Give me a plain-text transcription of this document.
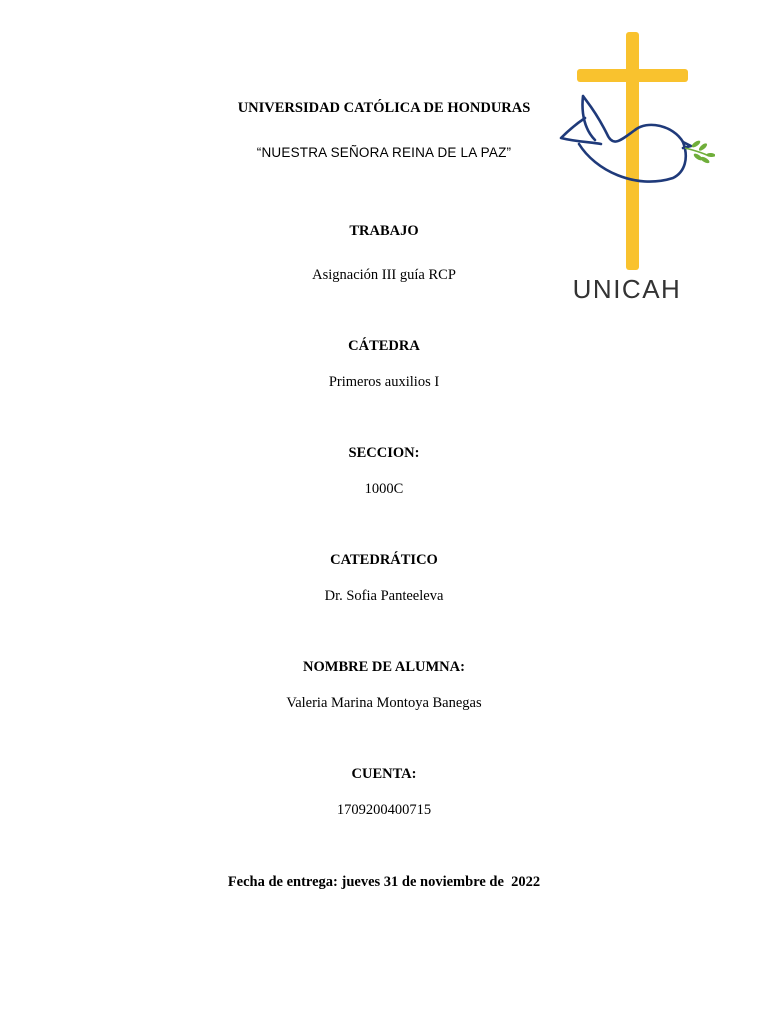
UNICAH
UNIVERSIDAD CATÓLICA DE HONDURAS
“NUESTRA SEÑORA REINA DE LA PAZ”
TRABAJO
Asignación III guía RCP
CÁTEDRA
Primeros auxilios I
SECCION:
1000C
CATEDRÁTICO
Dr. Sofia Panteeleva
NOMBRE DE ALUMNA:
Valeria Marina Montoya Banegas
CUENTA:
1709200400715
Fecha de entrega: jueves 31 de noviembre de  2022
